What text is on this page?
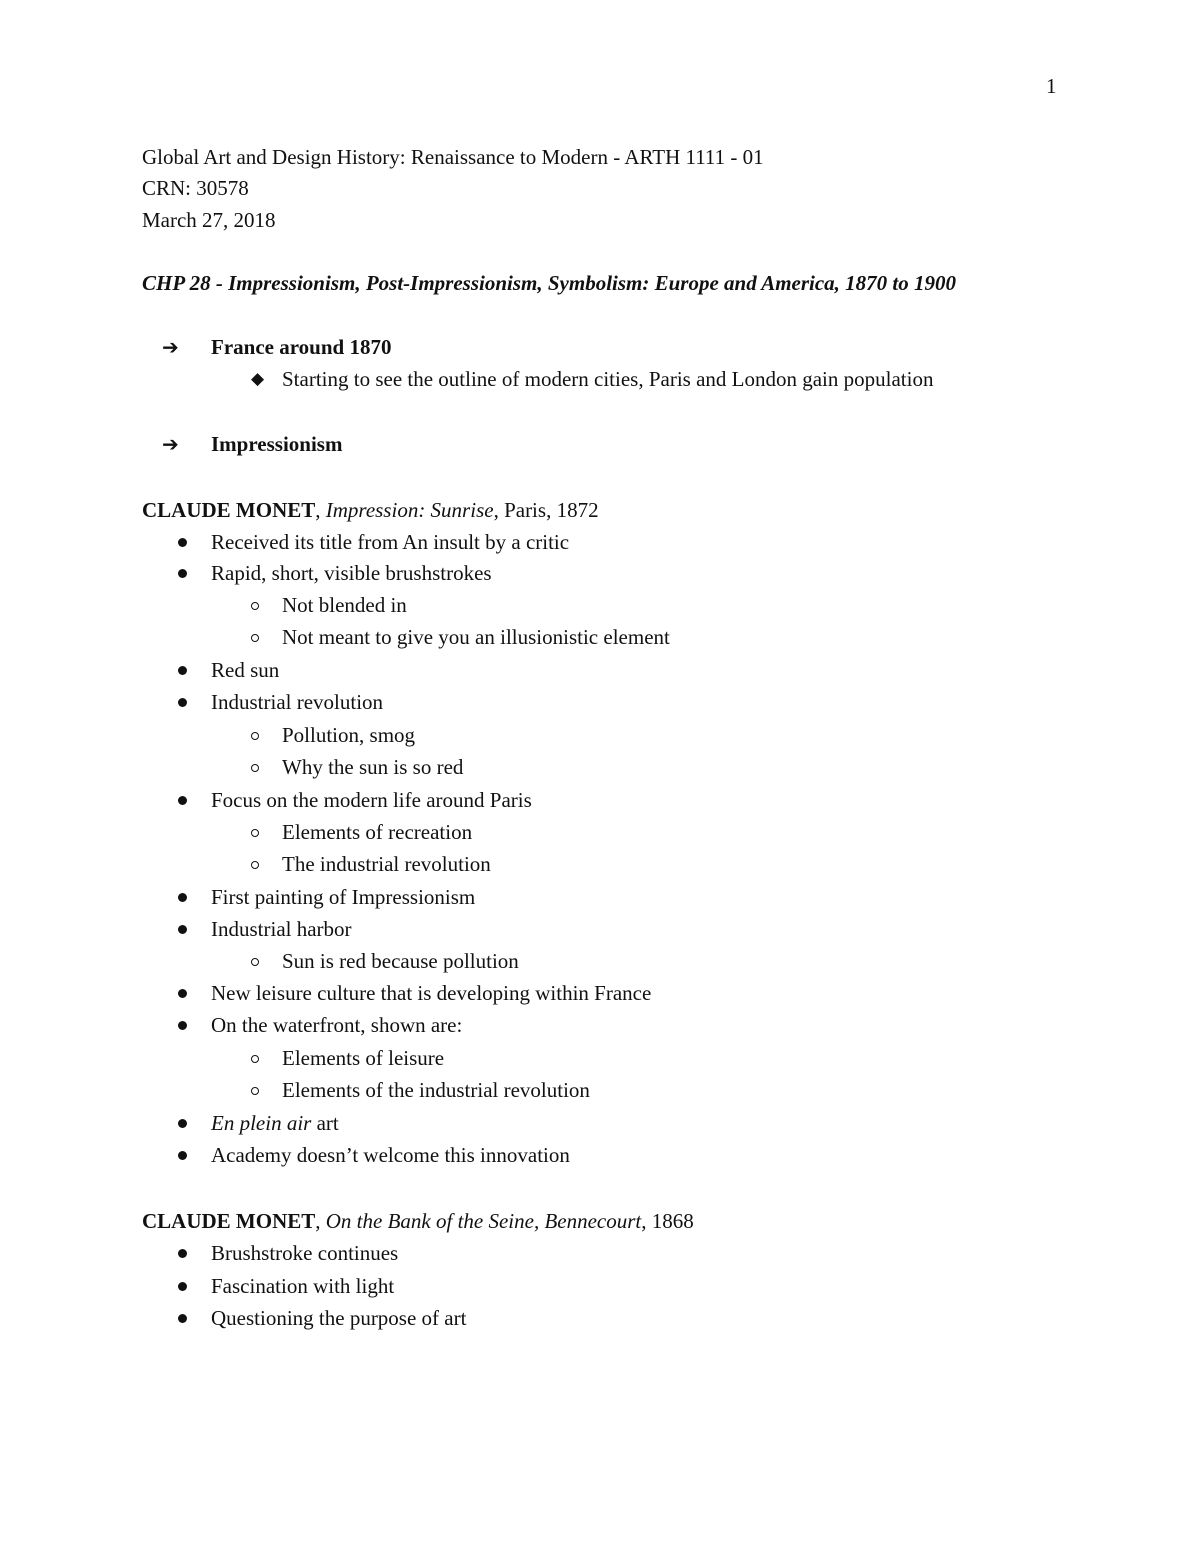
1
Global Art and Design History: Renaissance to Modern - ARTH 1111 - 01
CRN: 30578
March 27, 2018
CHP 28 - Impressionism, Post-Impressionism, Symbolism: Europe and America, 1870 to 1900
➔ France around 1870
◆ Starting to see the outline of modern cities, Paris and London gain population
➔ Impressionism
CLAUDE MONET, Impression: Sunrise, Paris, 1872
Received its title from An insult by a critic
Rapid, short, visible brushstrokes
Not blended in
Not meant to give you an illusionistic element
Red sun
Industrial revolution
Pollution, smog
Why the sun is so red
Focus on the modern life around Paris
Elements of recreation
The industrial revolution
First painting of Impressionism
Industrial harbor
Sun is red because pollution
New leisure culture that is developing within France
On the waterfront, shown are:
Elements of leisure
Elements of the industrial revolution
En plein air art
Academy doesn’t welcome this innovation
CLAUDE MONET, On the Bank of the Seine, Bennecourt, 1868
Brushstroke continues
Fascination with light
Questioning the purpose of art
